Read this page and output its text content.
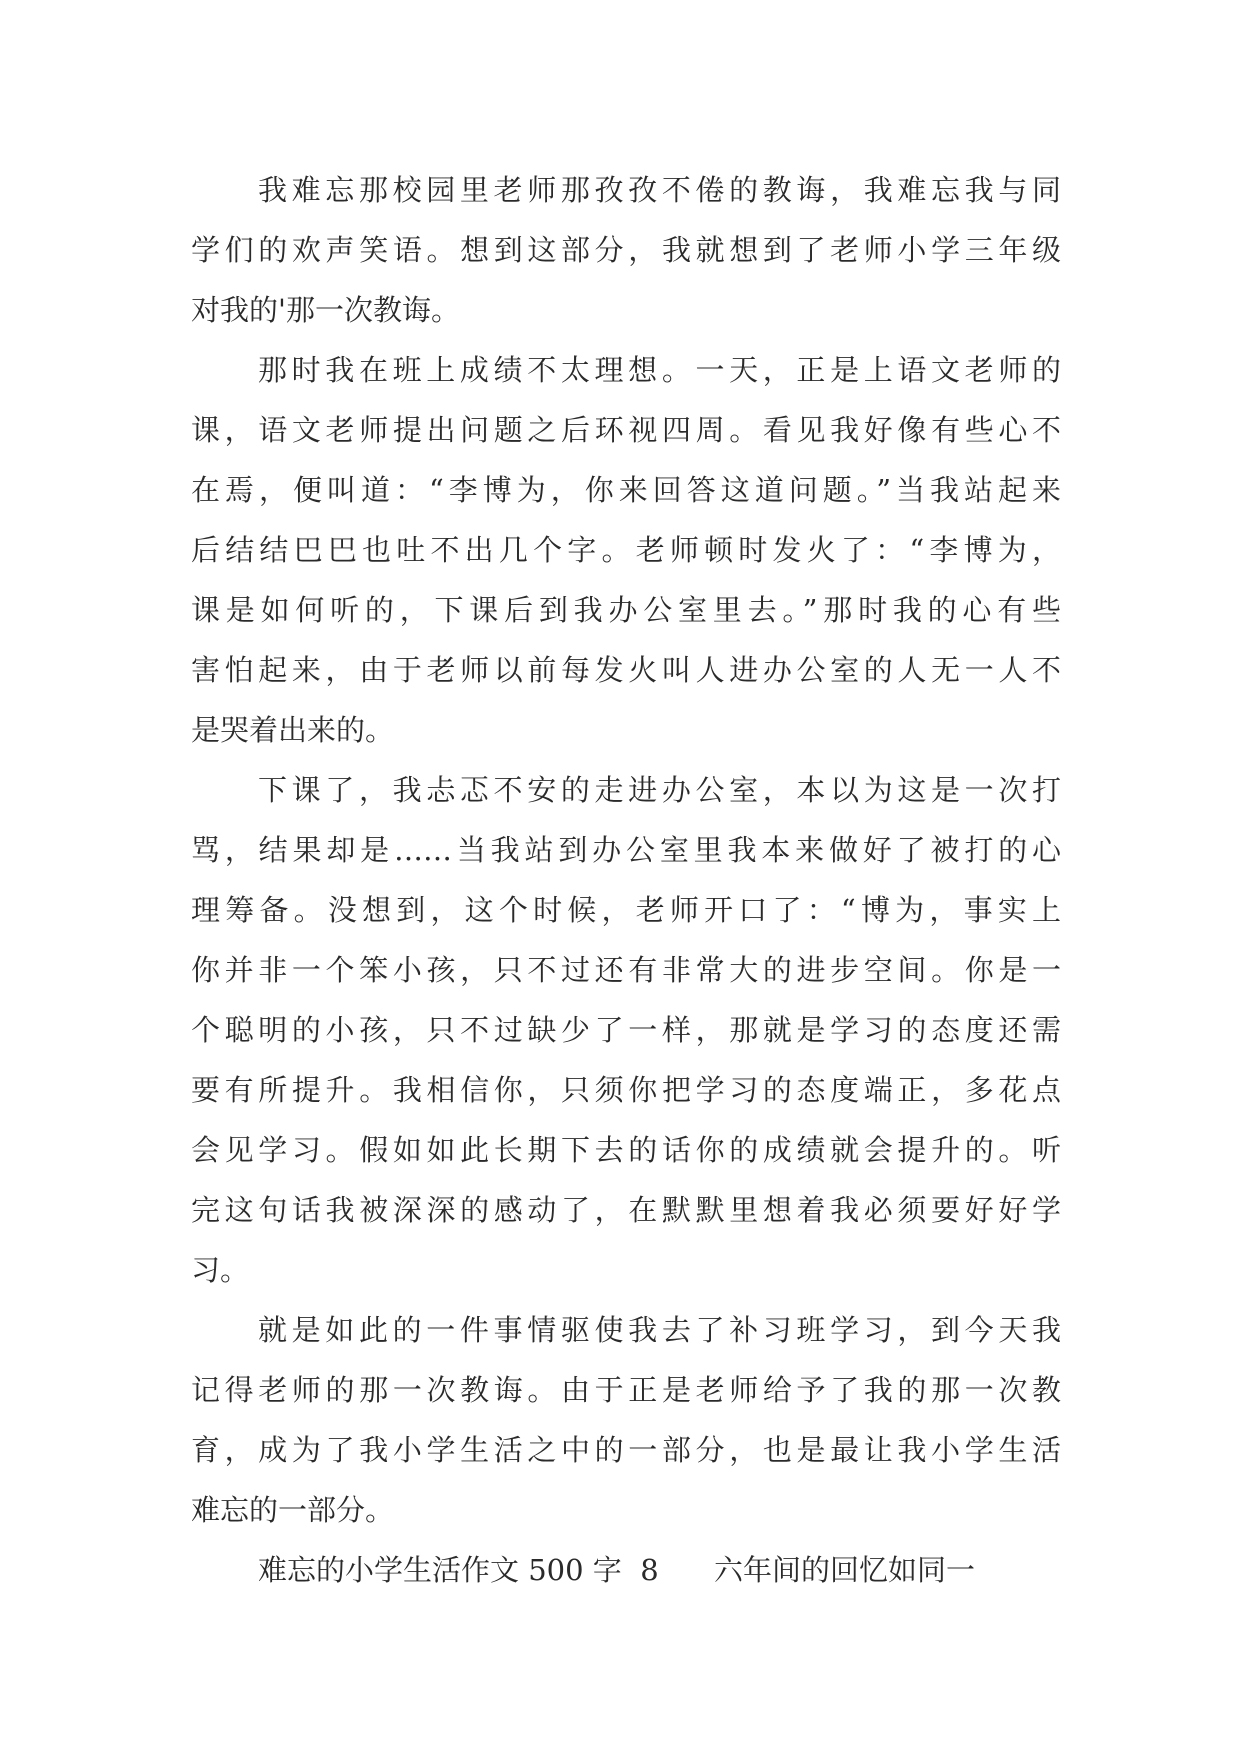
我难忘那校园里老师那孜孜不倦的教诲，我难忘我与同
学们的欢声笑语。想到这部分，我就想到了老师小学三年级
对我的'那一次教诲。

那时我在班上成绩不太理想。一天，正是上语文老师的
课，语文老师提出问题之后环视四周。看见我好像有些心不
在焉，便叫道：“李博为，你来回答这道问题。”当我站起来
后结结巴巴也吐不出几个字。老师顿时发火了：“李博为，
课是如何听的，下课后到我办公室里去。”那时我的心有些
害怕起来，由于老师以前每发火叫人进办公室的人无一人不
是哭着出来的。

下课了，我忐忑不安的走进办公室，本以为这是一次打
骂，结果却是……当我站到办公室里我本来做好了被打的心
理筹备。没想到，这个时候，老师开口了：“博为，事实上
你并非一个笨小孩，只不过还有非常大的进步空间。你是一
个聪明的小孩，只不过缺少了一样，那就是学习的态度还需
要有所提升。我相信你，只须你把学习的态度端正，多花点
会见学习。假如如此长期下去的话你的成绩就会提升的。听
完这句话我被深深的感动了，在默默里想着我必须要好好学
习。

就是如此的一件事情驱使我去了补习班学习，到今天我
记得老师的那一次教诲。由于正是老师给予了我的那一次教
育，成为了我小学生活之中的一部分，也是最让我小学生活
难忘的一部分。

难忘的小学生活作文 500 字  8      六年间的回忆如同一
